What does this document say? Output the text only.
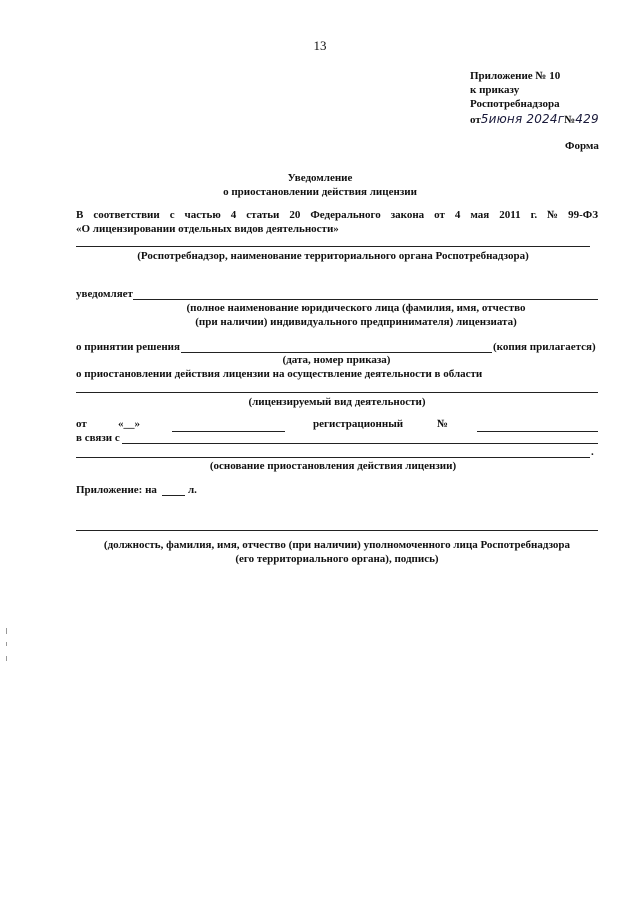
13
Приложение № 10
к приказу
Роспотребнадзора
от5июня 2024г№429
Форма
Уведомление
о приостановлении действия лицензии
В соответствии с частью 4 статьи 20 Федерального закона от 4 мая 2011 г. № 99-ФЗ
«О лицензировании отдельных видов деятельности»
(Роспотребнадзор, наименование территориального органа Роспотребнадзора)
уведомляет
(полное наименование юридического лица (фамилия, имя, отчество
(при наличии) индивидуального предпринимателя) лицензиата)
о принятии решения	(копия прилагается)
(дата, номер приказа)
о приостановлении действия лицензии на осуществление деятельности в области
(лицензируемый вид деятельности)
от	«__»	регистрационный	№
в связи с
.
(основание приостановления действия лицензии)
Приложение: на	л.
(должность, фамилия, имя, отчество (при наличии) уполномоченного лица Роспотребнадзора
(его территориального органа), подпись)
